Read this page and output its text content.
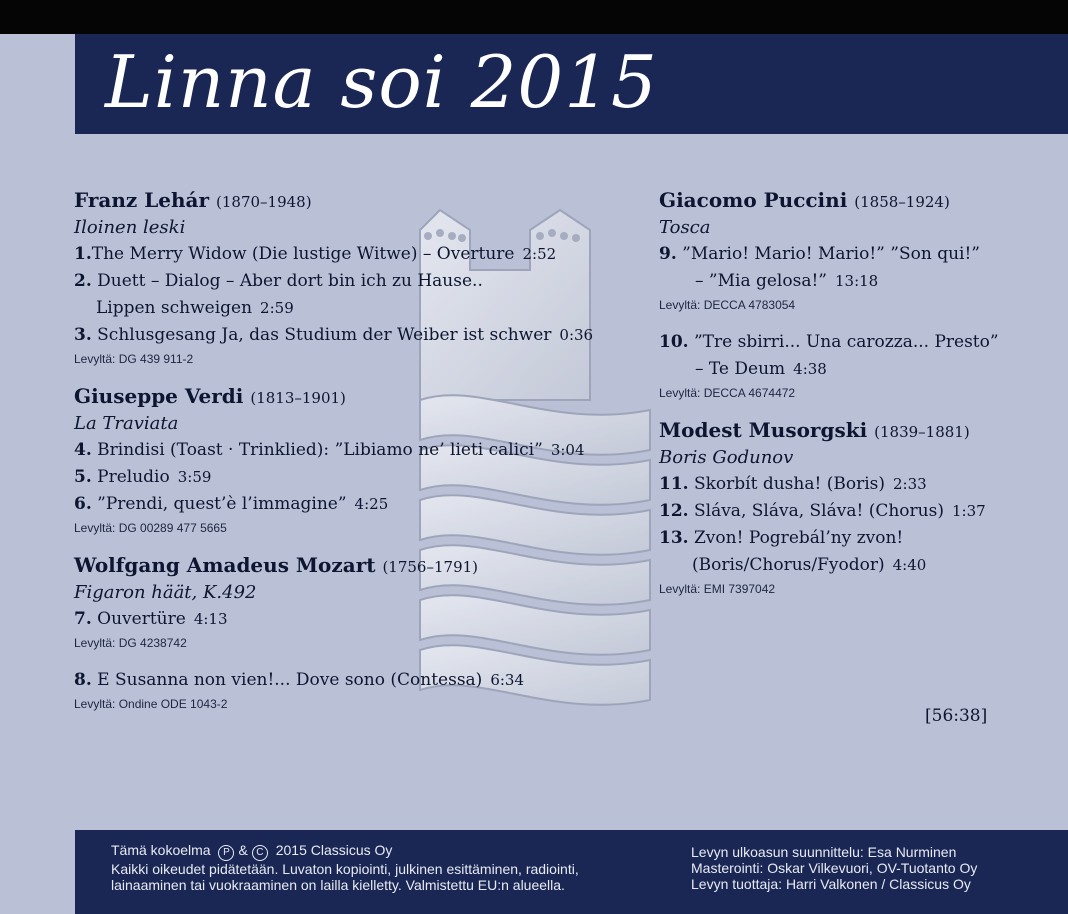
Linna soi 2015
Franz Lehár (1870–1948)
Iloinen leski
1.The Merry Widow (Die lustige Witwe) – Overture 2:52
2. Duett – Dialog – Aber dort bin ich zu Hause..
Lippen schweigen 2:59
3. Schlusgesang Ja, das Studium der Weiber ist schwer 0:36
Levyltä: DG 439 911-2
Giuseppe Verdi (1813–1901)
La Traviata
4. Brindisi (Toast · Trinklied): ”Libiamo ne’ lieti calici” 3:04
5. Preludio 3:59
6. ”Prendi, quest’è l’immagine” 4:25
Levyltä: DG 00289 477 5665
Wolfgang Amadeus Mozart (1756–1791)
Figaron häät, K.492
7. Ouvertüre 4:13
Levyltä: DG 4238742
8. E Susanna non vien!... Dove sono (Contessa) 6:34
Levyltä: Ondine ODE 1043-2
Giacomo Puccini (1858–1924)
Tosca
9. ”Mario! Mario! Mario!” ”Son qui!”
– ”Mia gelosa!” 13:18
Levyltä: DECCA 4783054
10. ”Tre sbirri... Una carozza... Presto”
– Te Deum 4:38
Levyltä: DECCA 4674472
Modest Musorgski (1839–1881)
Boris Godunov
11. Skorbít dusha! (Boris) 2:33
12. Sláva, Sláva, Sláva! (Chorus) 1:37
13. Zvon! Pogrebál’ny zvon!
(Boris/Chorus/Fyodor) 4:40
Levyltä: EMI 7397042
[56:38]
Tämä kokoelma P & C 2015 Classicus Oy
Kaikki oikeudet pidätetään. Luvaton kopiointi, julkinen esittäminen, radiointi,
lainaaminen tai vuokraaminen on lailla kielletty. Valmistettu EU:n alueella.
Levyn ulkoasun suunnittelu: Esa Nurminen
Masterointi: Oskar Vilkevuori, OV-Tuotanto Oy
Levyn tuottaja: Harri Valkonen / Classicus Oy
